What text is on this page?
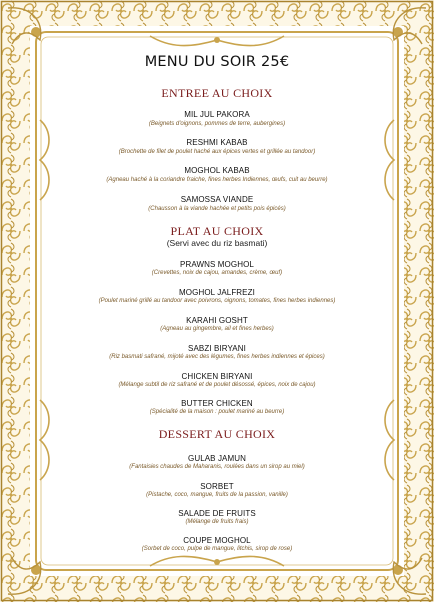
MENU DU SOIR 25€
ENTREE AU CHOIX
MIL JUL PAKORA
(Beignets d'oignons, pommes de terre, aubergines)
RESHMI KABAB
(Brochette de filet de poulet haché aux épices vertes et grillée au tandoor)
MOGHOL KABAB
(Agneau haché à la coriandre fraiche, fines herbes Indiennes, œufs, cuit au beurre)
SAMOSSA VIANDE
(Chausson à la viande hachée et petits pois épicés)
PLAT AU CHOIX
(Servi avec du riz basmati)
PRAWNS MOGHOL
(Crevettes, noix de cajou, amandes, crème, œuf)
MOGHOL JALFREZI
(Poulet mariné grillé au tandoor avec poivrons, oignons, tomates, fines herbes indiennes)
KARAHI GOSHT
(Agneau au gingembre, ail et fines herbes)
SABZI BIRYANI
(Riz basmati safrané, mijoté avec des légumes, fines herbes indiennes et épices)
CHICKEN BIRYANI
(Mélange subtil de riz safrané et de poulet désossé, épices, noix de cajou)
BUTTER CHICKEN
(Spécialité de la maison : poulet mariné au beurre)
DESSERT AU CHOIX
GULAB JAMUN
(Fantaisies chaudes de Maharanis, roulées dans un sirop au miel)
SORBET
(Pistache, coco, mangue, fruits de la passion, vanille)
SALADE DE FRUITS
(Mélange de fruits frais)
COUPE MOGHOL
(Sorbet de coco, pulpe de mangue, litchis, sirop de rose)
